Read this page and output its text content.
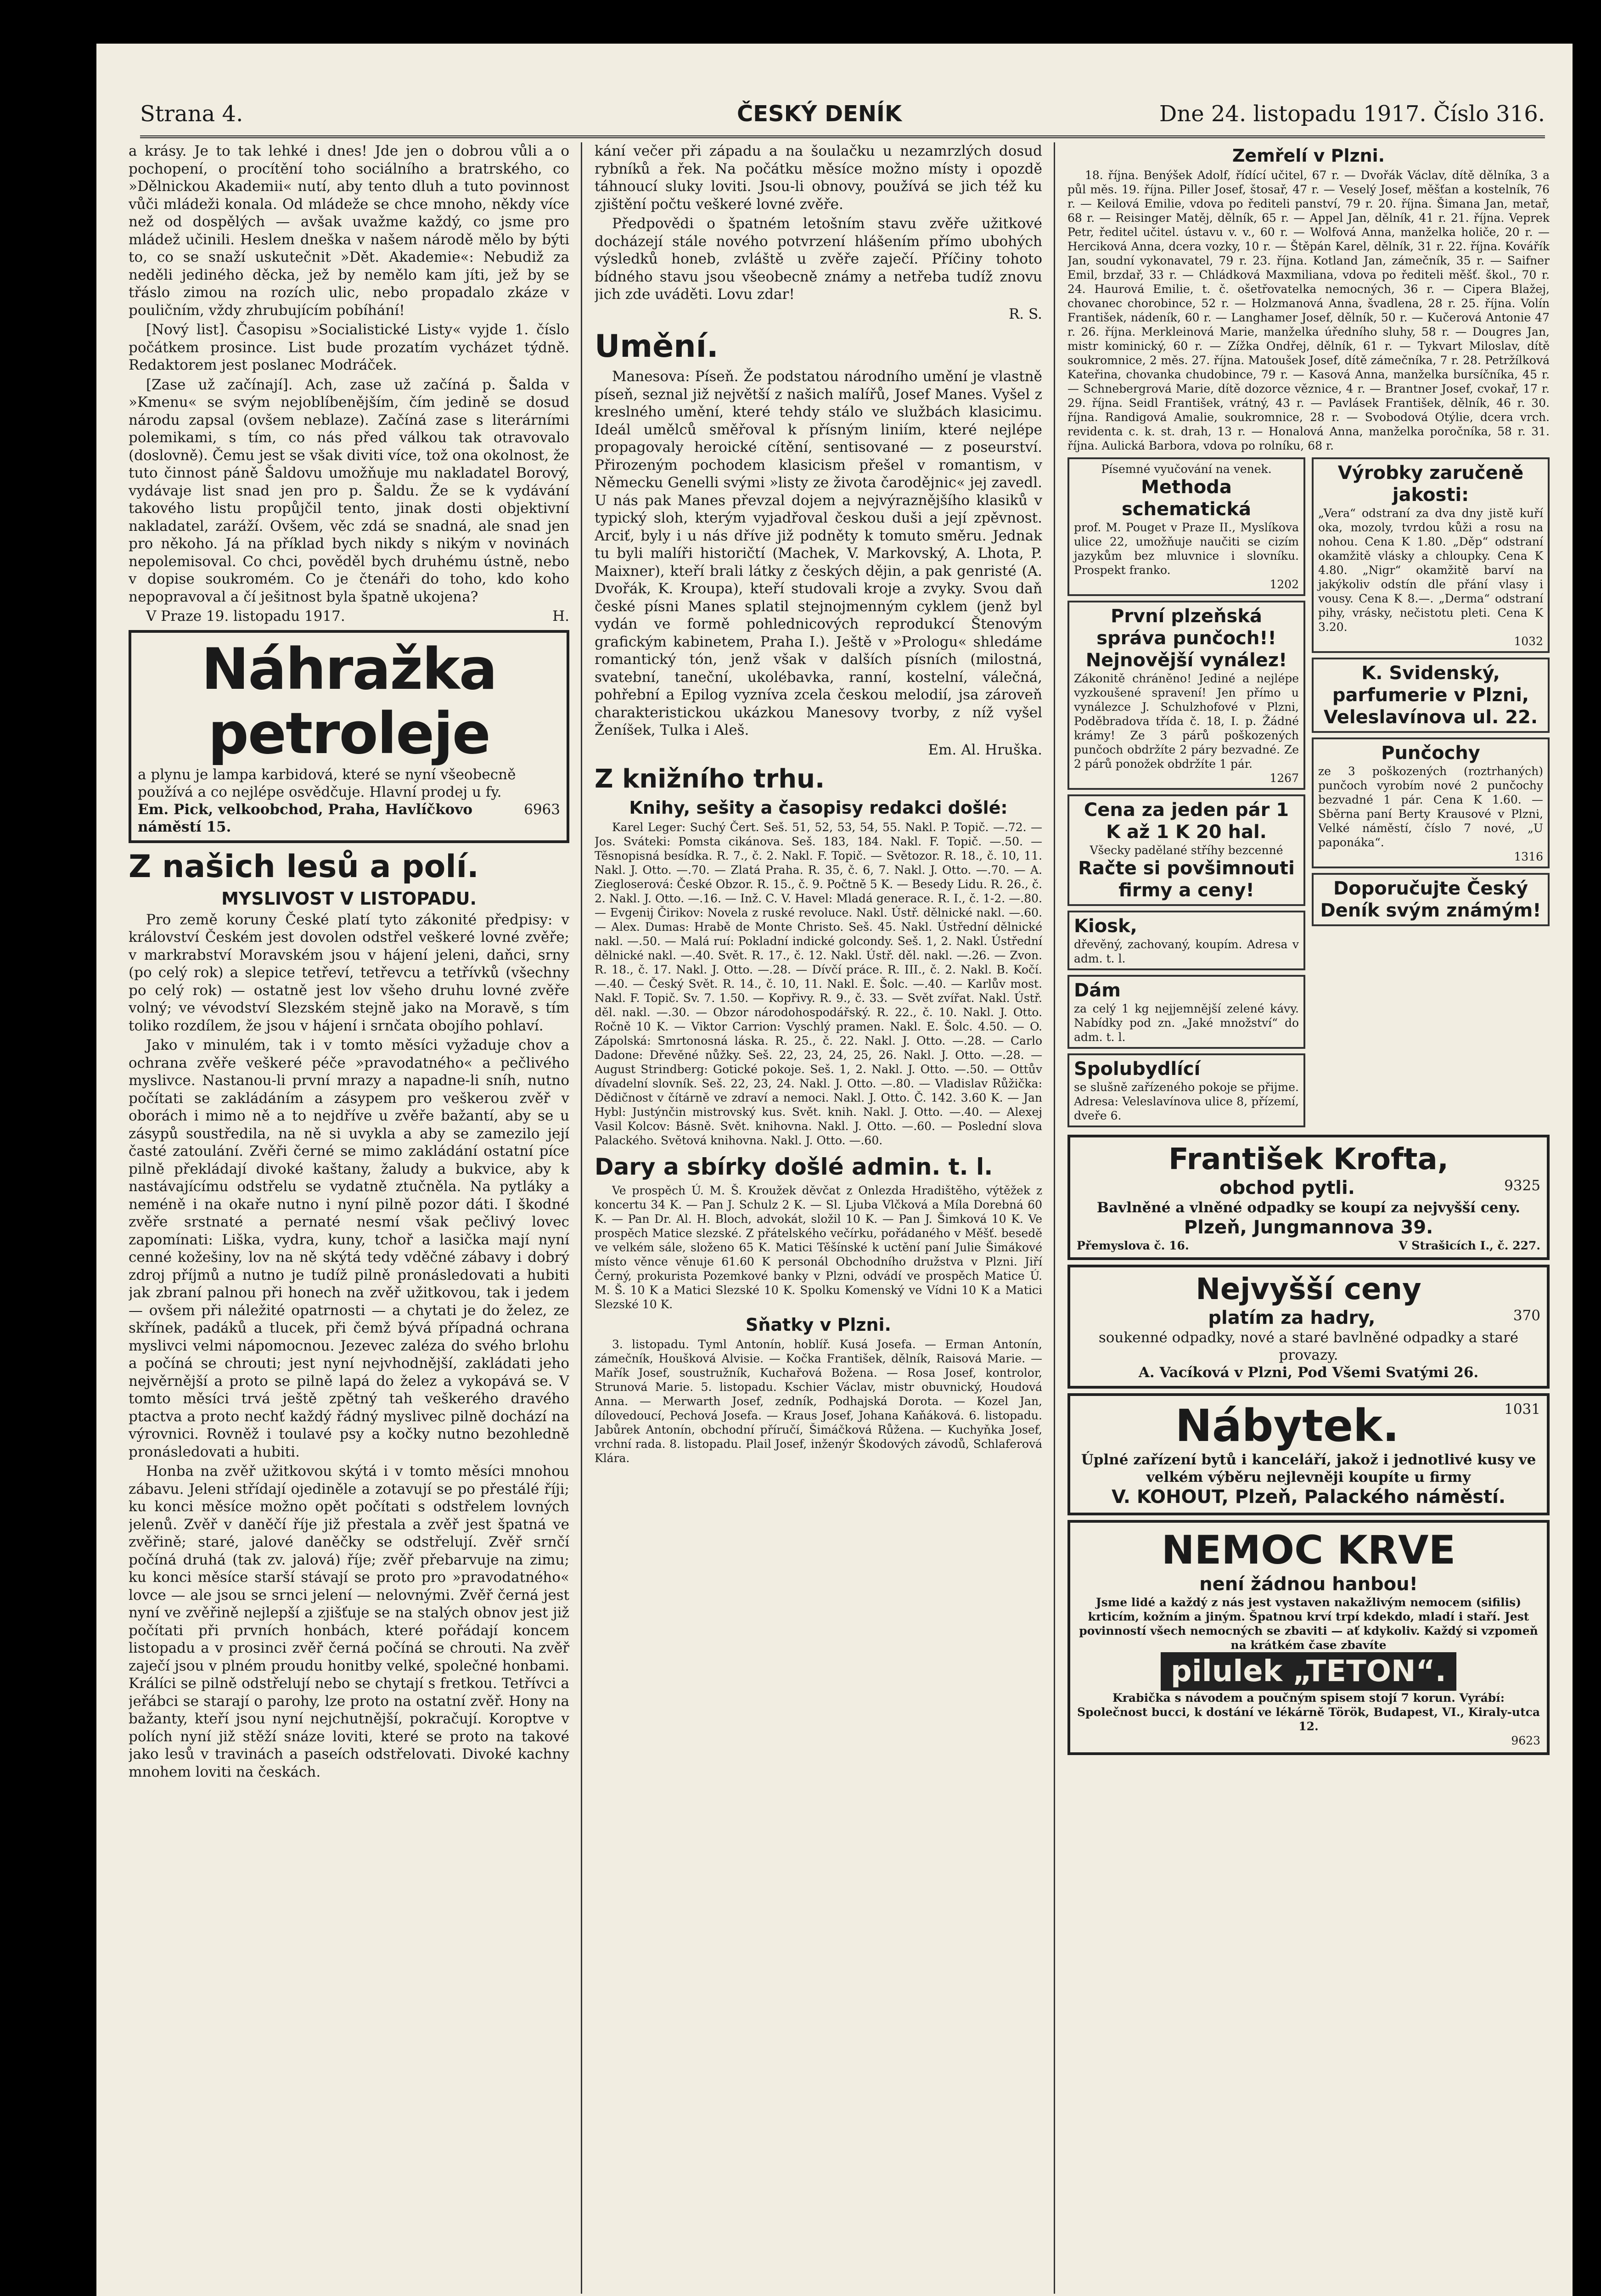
Strana 4.	ČESKÝ DENÍK	Dne 24. listopadu 1917. Číslo 316.

a krásy. Je to tak lehké i dnes! Jde jen o dobrou vůli a o pochopení, o procítění toho sociálního a bratrského, co »Dělnickou Akademii« nutí, aby tento dluh a tuto povinnost vůči mládeži konala. Od mládeže se chce mnoho, někdy více než od dospělých — avšak uvažme každý, co jsme pro mládež učinili. Heslem dneška v našem národě mělo by býti to, co se snaží uskutečnit »Dět. Akademie«: Nebudiž za neděli jediného děcka, jež by nemělo kam jíti, jež by se třáslo zimou na rozích ulic, nebo propadalo zkáze v pouličním, vždy zhrubujícím pobíhání!

[Nový list]. Časopisu »Socialistické Listy« vyjde 1. číslo počátkem prosince. List bude prozatím vycházet týdně. Redaktorem jest poslanec Modráček.

[Zase už začínají]. Ach, zase už začíná p. Šalda v »Kmenu« se svým nejoblíbenějším, čím jedině se dosud národu zapsal (ovšem neblaze). Začíná zase s literárními polemikami, s tím, co nás před válkou tak otravovalo (doslovně). Čemu jest se však diviti více, tož ona okolnost, že tuto činnost páně Šaldovu umožňuje mu nakladatel Borový, vydávaje list snad jen pro p. Šaldu. Že se k vydávání takového listu propůjčil tento, jinak dosti objektivní nakladatel, zaráží. Ovšem, věc zdá se snadná, ale snad jen pro někoho. Já na příklad bych nikdy s nikým v novinách nepolemisoval. Co chci, pověděl bych druhému ústně, nebo v dopise soukromém. Co je čtenáři do toho, kdo koho nepopravoval a čí ješitnost byla špatně ukojena?

V Praze 19. listopadu 1917.	H.
Náhražka petroleje
a plynu je lampa karbidová, které se nyní všeobecně používá a co nejlépe osvědčuje. Hlavní prodej u fy.
Em. Pick, velkoobchod, Praha, Havlíčkovo náměstí 15.
6963
Z našich lesů a polí.
MYSLIVOST V LISTOPADU.

Pro země koruny České platí tyto zákonité předpisy: v království Českém jest dovolen odstřel veškeré lovné zvěře; v markrabství Moravském jsou v hájení jeleni, daňci, srny (po celý rok) a slepice tetřeví, tetřevcu a tetřívků (všechny po celý rok) — ostatně jest lov všeho druhu lovné zvěře volný; ve vévodství Slezském stejně jako na Moravě, s tím toliko rozdílem, že jsou v hájení i srnčata obojího pohlaví.

Jako v minulém, tak i v tomto měsíci vyžaduje chov a ochrana zvěře veškeré péče »pravodatného« a pečlivého myslivce. Nastanou-li první mrazy a napadne-li sníh, nutno počítati se zakládáním a zásypem pro veškerou zvěř v oborách i mimo ně a to nejdříve u zvěře bažantí, aby se u zásypů soustředila, na ně si uvykla a aby se zamezilo její časté zatoulání. Zvěři černé se mimo zakládání ostatní píce pilně překládají divoké kaštany, žaludy a bukvice, aby k nastávajícímu odstřelu se vydatně ztučněla. Na pytláky a neméně i na okaře nutno i nyní pilně pozor dáti. I škodné zvěře srstnaté a pernaté nesmí však pečlivý lovec zapomínati: Liška, vydra, kuny, tchoř a lasička mají nyní cenné kožešiny, lov na ně skýtá tedy vděčné zábavy i dobrý zdroj příjmů a nutno je tudíž pilně pronásledovati a hubiti jak zbraní palnou při honech na zvěř užitkovou, tak i jedem — ovšem při náležité opatrnosti — a chytati je do želez, ze skřínek, padáků a tlucek, při čemž bývá případná ochrana myslivci velmi nápomocnou. Jezevec zaléza do svého brlohu a počíná se chrouti; jest nyní nejvhodnější, zakládati jeho nejvěrnější a proto se pilně lapá do želez a vykopává se. V tomto měsíci trvá ještě zpětný tah veškerého dravého ptactva a proto nechť každý řádný myslivec pilně dochází na výrovnici. Rovněž i toulavé psy a kočky nutno bezohledně pronásledovati a hubiti.

Honba na zvěř užitkovou skýtá i v tomto měsíci mnohou zábavu. Jeleni střídají ojediněle a zotavují se po přestálé říji; ku konci měsíce možno opět počítati s odstřelem lovných jelenů. Zvěř v daněčí říje již přestala a zvěř jest špatná ve zvěřině; staré, jalové daněčky se odstřelují. Zvěř srnčí počíná druhá (tak zv. jalová) říje; zvěř přebarvuje na zimu; ku konci měsíce starší stávají se proto pro »pravodatného« lovce — ale jsou se srnci jelení — nelovnými. Zvěř černá jest nyní ve zvěřině nejlepší a zjišťuje se na stalých obnov jest již počítati při prvních honbách, které pořádají koncem listopadu a v prosinci zvěř černá počíná se chrouti. Na zvěř zaječí jsou v plném proudu honitby velké, společné honbami. Králíci se pilně odstřelují nebo se chytají s fretkou. Tetřívci a jeřábci se starají o parohy, lze proto na ostatní zvěř. Hony na bažanty, kteří jsou nyní nejchutnější, pokračují. Koroptve v polích nyní již stěží snáze loviti, které se proto na takové jako lesů v travinách a paseích odstřelovati. Divoké kachny mnohem loviti na českách.

kání večer při západu a na šoulačku u nezamrzlých dosud rybníků a řek. Na počátku měsíce možno místy i opozdě táhnoucí sluky loviti. Jsou-li obnovy, používá se jich též ku zjištění počtu veškeré lovné zvěře.

Předpovědi o špatném letošním stavu zvěře užitkové docházejí stále nového potvrzení hlášením přímo ubohých výsledků honeb, zvláště u zvěře zaječí. Příčiny tohoto bídného stavu jsou všeobecně známy a netřeba tudíž znovu jich zde uváděti. Lovu zdar!

R. S.
Umění.

Manesova: Píseň. Že podstatou národního umění je vlastně píseň, seznal již největší z našich malířů, Josef Manes. Vyšel z kreslného umění, které tehdy stálo ve službách klasicimu. Ideál umělců směřoval k přísným liniím, které nejlépe propagovaly heroické cítění, sentisované — z poseurství. Přirozeným pochodem klasicism přešel v romantism, v Německu Genelli svými »listy ze života čarodějnic« jej zavedl. U nás pak Manes převzal dojem a nejvýraznějšího klasiků v typický sloh, kterým vyjadřoval českou duši a její zpěvnost. Arciť, byly i u nás dříve již podněty k tomuto směru. Jednak tu byli malíři historičtí (Machek, V. Markovský, A. Lhota, P. Maixner), kteří brali látky z českých dějin, a pak genristé (A. Dvořák, K. Kroupa), kteří studovali kroje a zvyky. Svou daň české písni Manes splatil stejnojmenným cyklem (jenž byl vydán ve formě pohlednicových reprodukcí Štenovým grafickým kabinetem, Praha I.). Ještě v »Prologu« shledáme romantický tón, jenž však v dalších písních (milostná, svatební, taneční, ukolébavka, ranní, kostelní, válečná, pohřební a Epilog vyzníva zcela českou melodií, jsa zároveň charakteristickou ukázkou Manesovy tvorby, z níž vyšel Ženíšek, Tulka i Aleš.

Em. Al. Hruška.
Z knižního trhu.
Knihy, sešity a časopisy redakci došlé:

Karel Leger: Suchý Čert. Seš. 51, 52, 53, 54, 55. Nakl. P. Topič. —.72. — Jos. Sváteki: Pomsta cikánova. Seš. 183, 184. Nakl. F. Topič. —.50. — Těsnopisná besídka. R. 7., č. 2. Nakl. F. Topič. — Světozor. R. 18., č. 10, 11. Nakl. J. Otto. —.70. — Zlatá Praha. R. 35, č. 6, 7. Nakl. J. Otto. —.70. — A. Ziegloserová: České Obzor. R. 15., č. 9. Počtně 5 K. — Besedy Lidu. R. 26., č. 2. Nakl. J. Otto. —.16. — Inž. C. V. Havel: Mladá generace. R. I., č. 1-2. —.80. — Evgenij Čirikov: Novela z ruské revoluce. Nakl. Ústř. dělnické nakl. —.60. — Alex. Dumas: Hrabě de Monte Christo. Seš. 45. Nakl. Ústřední dělnické nakl. —.50. — Malá ruí: Pokladní indické golcondy. Seš. 1, 2. Nakl. Ústřední dělnické nakl. —.40. Svět. R. 17., č. 12. Nakl. Ústř. děl. nakl. —.26. — Zvon. R. 18., č. 17. Nakl. J. Otto. —.28. — Dívčí práce. R. III., č. 2. Nakl. B. Kočí. —.40. — Český Svět. R. 14., č. 10, 11. Nakl. E. Šolc. —.40. — Karlův most. Nakl. F. Topič. Sv. 7. 1.50. — Kopřivy. R. 9., č. 33. — Svět zvířat. Nakl. Ústř. děl. nakl. —.30. — Obzor národohospodářský. R. 22., č. 10. Nakl. J. Otto. Ročně 10 K. — Viktor Carrion: Vyschlý pramen. Nakl. E. Šolc. 4.50. — O. Zápolská: Smrtonosná láska. R. 25., č. 22. Nakl. J. Otto. —.28. — Carlo Dadone: Dřevěné nůžky. Seš. 22, 23, 24, 25, 26. Nakl. J. Otto. —.28. — August Strindberg: Gotické pokoje. Seš. 1, 2. Nakl. J. Otto. —.50. — Ottův dívadelní slovník. Seš. 22, 23, 24. Nakl. J. Otto. —.80. — Vladislav Růžička: Dědičnost v čítárně ve zdraví a nemoci. Nakl. J. Otto. Č. 142. 3.60 K. — Jan Hybl: Justýnčin mistrovský kus. Svět. knih. Nakl. J. Otto. —.40. — Alexej Vasil Kolcov: Básně. Svět. knihovna. Nakl. J. Otto. —.60. — Poslední slova Palackého. Světová knihovna. Nakl. J. Otto. —.60.

Dary a sbírky došlé admin. t. l.

Ve prospěch Ú. M. Š. Kroužek děvčat z Onlezda Hradištěho, výtěžek z koncertu 34 K. — Pan J. Schulz 2 K. — Sl. Ljuba Vlčková a Míla Dorebná 60 K. — Pan Dr. Al. H. Bloch, advokát, složil 10 K. — Pan J. Šimková 10 K. Ve prospěch Matice slezské. Z přátelského večírku, pořádaného v Měšť. besedě ve velkém sále, složeno 65 K. Matici Těšínské k uctění paní Julie Šimákové místo věnce věnuje 61.60 K personál Obchodního družstva v Plzni. Jiří Černý, prokurista Pozemkové banky v Plzni, odvádí ve prospěch Matice Ú. M. Š. 10 K a Matici Slezské 10 K. Spolku Komenský ve Vídni 10 K a Matici Slezské 10 K.

Sňatky v Plzni.

3. listopadu. Tyml Antonín, hoblíř. Kusá Josefa. — Erman Antonín, zámečník, Houšková Alvisie. — Kočka František, dělník, Raisová Marie. — Mařík Josef, soustružník, Kuchařová Božena. — Rosa Josef, kontrolor, Strunová Marie. 5. listopadu. Kschier Václav, mistr obuvnický, Houdová Anna. — Merwarth Josef, zedník, Podhajská Dorota. — Kozel Jan, dílovedoucí, Pechová Josefa. — Kraus Josef, Johana Kaňáková. 6. listopadu. Jabůrek Antonín, obchodní příručí, Šimáčková Růžena. — Kuchyňka Josef, vrchní rada. 8. listopadu. Plail Josef, inženýr Škodových závodů, Schlaferová Klára.

Zemřelí v Plzni.

18. října. Benýšek Adolf, řídící učitel, 67 r. — Dvořák Václav, dítě dělníka, 3 a půl měs. 19. října. Piller Josef, štosař, 47 r. — Veselý Josef, měšťan a kostelník, 76 r. — Keilová Emilie, vdova po řediteli panství, 79 r. 20. října. Šimana Jan, metař, 68 r. — Reisinger Matěj, dělník, 65 r. — Appel Jan, dělník, 41 r. 21. října. Veprek Petr, ředitel učitel. ústavu v. v., 60 r. — Wolfová Anna, manželka holiče, 20 r. — Herciková Anna, dcera vozky, 10 r. — Štěpán Karel, dělník, 31 r. 22. října. Kovářík Jan, soudní vykonavatel, 79 r. 23. října. Kotland Jan, zámečník, 35 r. — Saifner Emil, brzdař, 33 r. — Chládková Maxmiliana, vdova po řediteli měšť. škol., 70 r. 24. Haurová Emilie, t. č. ošetřovatelka nemocných, 36 r. — Cipera Blažej, chovanec chorobince, 52 r. — Holzmanová Anna, švadlena, 28 r. 25. října. Volín František, nádeník, 60 r. — Langhamer Josef, dělník, 50 r. — Kučerová Antonie 47 r. 26. října. Merkleinová Marie, manželka úředního sluhy, 58 r. — Dougres Jan, mistr kominický, 60 r. — Zížka Ondřej, dělník, 61 r. — Tykvart Miloslav, dítě soukromnice, 2 měs. 27. října. Matoušek Josef, dítě zámečníka, 7 r. 28. Petržílková Kateřina, chovanka chudobince, 79 r. — Kasová Anna, manželka bursíčníka, 45 r. — Schnebergrová Marie, dítě dozorce věznice, 4 r. — Brantner Josef, cvokař, 17 r. 29. října. Seidl František, vrátný, 43 r. — Pavlásek František, dělník, 46 r. 30. října. Randigová Amalie, soukromnice, 28 r. — Svobodová Otýlie, dcera vrch. revidenta c. k. st. drah, 13 r. — Honalová Anna, manželka poročníka, 58 r. 31. října. Aulická Barbora, vdova po rolníku, 68 r.

Písemné vyučování na venek.
Methoda schematická
prof. M. Pouget v Praze II., Myslíkova ulice 22, umožňuje naučiti se cizím jazykům bez mluvnice i slovníku. Prospekt franko.
1202
První plzeňská správa punčoch!! Nejnovější vynález!
Zákonitě chráněno! Jediné a nejlépe vyzkoušené spravení! Jen přímo u vynálezce J. Schulzhofové v Plzni, Poděbradova třída č. 18, I. p. Žádné krámy! Ze 3 párů poškozených punčoch obdržíte 2 páry bezvadné. Ze 2 párů ponožek obdržíte 1 pár.
1267
Cena za jeden pár 1 K až 1 K 20 hal.
Všecky padělané stříhy bezcenné
Račte si povšimnouti firmy a ceny!
Kiosk,
dřevěný, zachovaný, koupím. Adresa v adm. t. l.
Dám
za celý 1 kg nejjemnější zelené kávy. Nabídky pod zn. „Jaké množství“ do adm. t. l.
Spolubydlící
se slušně zařízeného pokoje se přijme. Adresa: Veleslavínova ulice 8, přízemí, dveře 6.
Výrobky zaručeně jakosti:
„Vera“ odstraní za dva dny jistě kuří oka, mozoly, tvrdou kůži a rosu na nohou. Cena K 1.80. „Děp“ odstraní okamžitě vlásky a chloupky. Cena K 4.80. „Nigr“ okamžitě barví na jakýkoliv odstín dle přání vlasy i vousy. Cena K 8.—. „Derma“ odstraní pihy, vrásky, nečistotu pleti. Cena K 3.20.
1032
K. Svidenský, parfumerie v Plzni, Veleslavínova ul. 22.
Punčochy
ze 3 poškozených (roztrhaných) punčoch vyrobím nové 2 punčochy bezvadné 1 pár. Cena K 1.60. — Sběrna paní Berty Krausové v Plzni, Velké náměstí, číslo 7 nové, „U paponáka“.
1316
Doporučujte Český Deník svým známým!
František Krofta,
obchod pytli.	9325
Bavlněné a vlněné odpadky se koupí za nejvyšší ceny.
Plzeň, Jungmannova 39.
Přemyslova č. 16.	V Strašicích I., č. 227.
Nejvyšší ceny
platím za hadry,	370
soukenné odpadky, nové a staré bavlněné odpadky a staré provazy.
A. Vacíková v Plzni, Pod Všemi Svatými 26.
Nábytek.	1031
Úplné zařízení bytů i kanceláří, jakož i jednotlivé kusy ve velkém výběru nejlevněji koupíte u firmy
V. KOHOUT, Plzeň, Palackého náměstí.
NEMOC KRVE
není žádnou hanbou!
Jsme lidé a každý z nás jest vystaven nakažlivým nemocem (sifilis) krticím, kožním a jiným. Špatnou krví trpí kdekdo, mladí i staří. Jest povinností všech nemocných se zbaviti — ať kdykoliv. Každý si vzpomeň na krátkém čase zbavíte
pilulek „TETON“.
Krabička s návodem a poučným spisem stojí 7 korun. Vyrábí: Společnost bucci, k dostání ve lékárně Török, Budapest, VI., Kiraly-utca 12.
9623
